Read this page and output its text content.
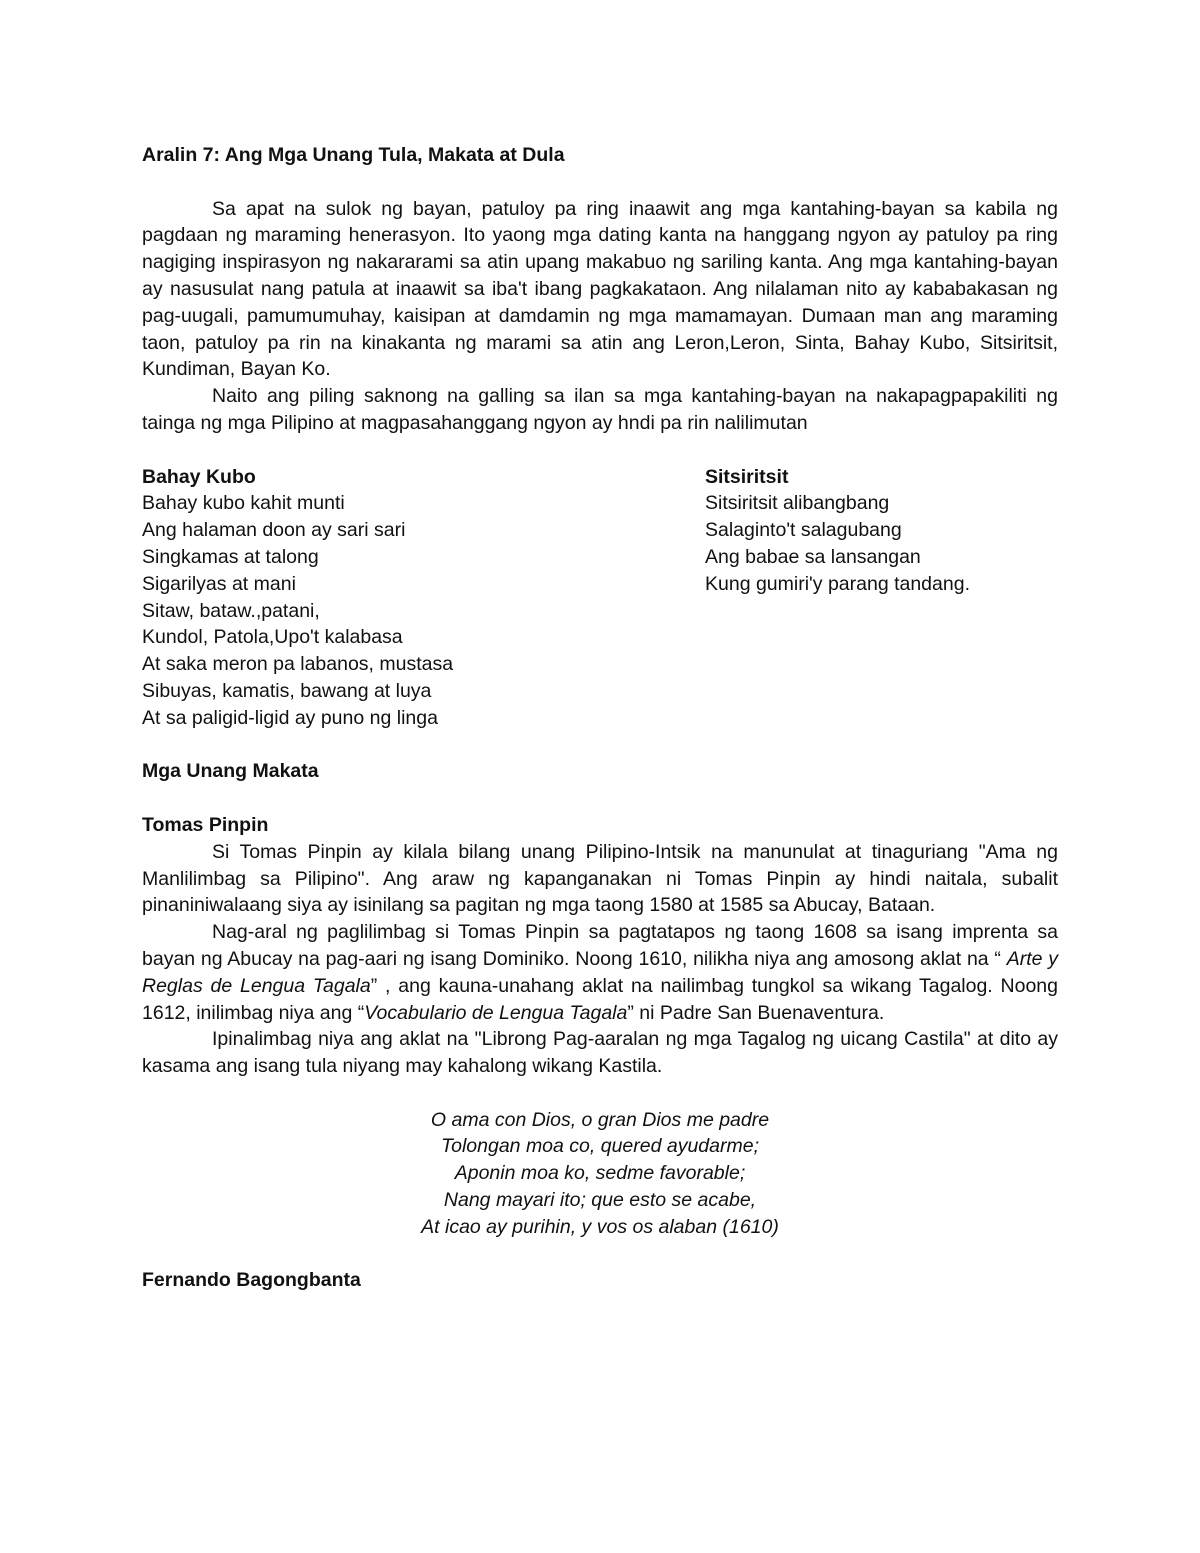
Aralin 7: Ang Mga Unang Tula, Makata at Dula

Sa apat na sulok ng bayan, patuloy pa ring inaawit ang mga kantahing-bayan sa kabila ng pagdaan ng maraming henerasyon. Ito yaong mga dating kanta na hanggang ngyon ay patuloy pa ring nagiging inspirasyon ng nakararami sa atin upang makabuo ng sariling kanta. Ang mga kantahing-bayan ay nasusulat nang patula at inaawit sa iba't ibang pagkakataon. Ang nilalaman nito ay kababakasan ng pag-uugali, pamumumuhay, kaisipan at damdamin ng mga mamamayan. Dumaan man ang maraming taon, patuloy pa rin na kinakanta ng marami sa atin ang Leron,Leron, Sinta, Bahay Kubo, Sitsiritsit, Kundiman, Bayan Ko.

Naito ang piling saknong na galling sa ilan sa mga kantahing-bayan na nakapagpapakiliti ng tainga ng mga Pilipino at magpasahanggang ngyon ay hndi pa rin nalilimutan

Bahay Kubo
Bahay kubo kahit munti
Ang halaman doon ay sari sari
Singkamas at talong
Sigarilyas at mani
Sitaw, bataw.,patani,
Kundol, Patola,Upo't kalabasa
At saka meron pa labanos, mustasa
Sibuyas, kamatis, bawang at luya
At sa paligid-ligid ay puno ng linga
Sitsiritsit
Sitsiritsit alibangbang
Salaginto't salagubang
Ang babae sa lansangan
Kung gumiri'y parang tandang.
Mga Unang Makata
Tomas Pinpin

Si Tomas Pinpin ay kilala bilang unang Pilipino-Intsik na manunulat at tinaguriang "Ama ng Manlilimbag sa Pilipino". Ang araw ng kapanganakan ni Tomas Pinpin ay hindi naitala, subalit pinaniniwalaang siya ay isinilang sa pagitan ng mga taong 1580 at 1585 sa Abucay, Bataan.

Nag-aral ng paglilimbag si Tomas Pinpin sa pagtatapos ng taong 1608 sa isang imprenta sa bayan ng Abucay na pag-aari ng isang Dominiko. Noong 1610, nilikha niya ang amosong aklat na “ Arte y Reglas de Lengua Tagala” , ang kauna-unahang aklat na nailimbag tungkol sa wikang Tagalog. Noong 1612, inilimbag niya ang “Vocabulario de Lengua Tagala” ni Padre San Buenaventura.

Ipinalimbag niya ang aklat na "Librong Pag-aaralan ng mga Tagalog ng uicang Castila" at dito ay kasama ang isang tula niyang may kahalong wikang Kastila.

O ama con Dios, o gran Dios me padre
Tolongan moa co, quered ayudarme;
Aponin moa ko, sedme favorable;
Nang mayari ito; que esto se acabe,
At icao ay purihin, y vos os alaban (1610)
Fernando Bagongbanta
